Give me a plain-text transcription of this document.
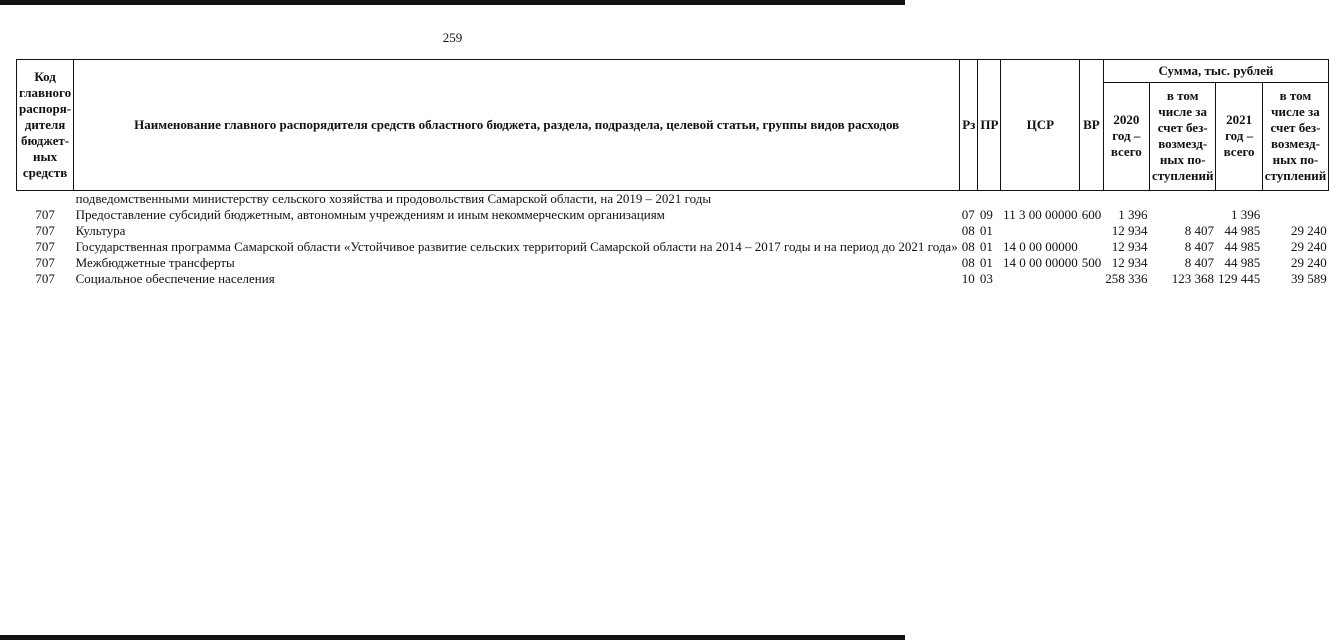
259
Код главного распоря-дителя бюджет-ных средств	Наименование главного распорядителя средств областного бюджета, раздела, подраздела, целевой статьи, группы видов расходов	Рз	ПР	ЦСР	ВР	Сумма, тыс. рублей			
						2020 год – всего	в том числе за счет без-возмезд-ных по-ступлений	2021 год – всего	в том числе за счет без-возмезд-ных по-ступлений
	подведомственными министерству сельского хозяйства и продовольствия Самарской области, на 2019 – 2021 годы								
707	Предоставление субсидий бюджетным, автономным учреждениям и иным некоммерческим организациям	07	09	11 3 00 00000	600	1 396		1 396	
707	Культура	08	01			12 934	8 407	44 985	29 240
707	Государственная программа Самарской области «Устойчивое развитие сельских территорий Самарской области на 2014 – 2017 годы и на период до 2021 года»	08	01	14 0 00 00000		12 934	8 407	44 985	29 240
707	Межбюджетные трансферты	08	01	14 0 00 00000	500	12 934	8 407	44 985	29 240
707	Социальное обеспечение населения	10	03			258 336	123 368	129 445	39 589
